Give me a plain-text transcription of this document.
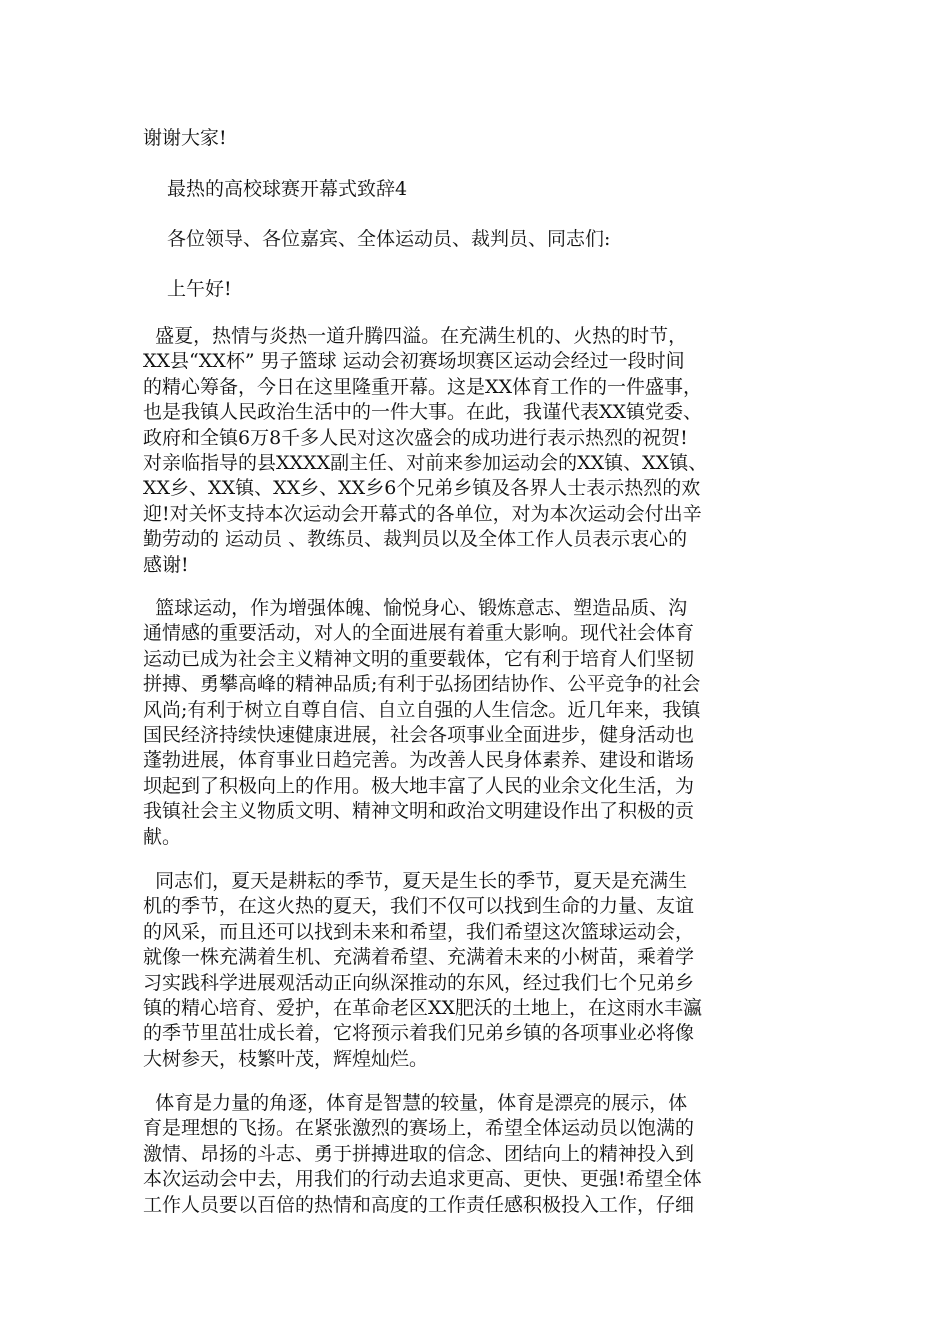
谢谢大家!
最热的高校球赛开幕式致辞4
各位领导、各位嘉宾、全体运动员、裁判员、同志们:
上午好!
盛夏，热情与炎热一道升腾四溢。在充满生机的、火热的时节，
XX县“XX杯” 男子篮球 运动会初赛场坝赛区运动会经过一段时间
的精心筹备，今日在这里隆重开幕。这是XX体育工作的一件盛事，
也是我镇人民政治生活中的一件大事。在此，我谨代表XX镇党委、
政府和全镇6万8千多人民对这次盛会的成功进行表示热烈的祝贺!
对亲临指导的县XXXX副主任、对前来参加运动会的XX镇、XX镇、
XX乡、XX镇、XX乡、XX乡6个兄弟乡镇及各界人士表示热烈的欢
迎!对关怀支持本次运动会开幕式的各单位，对为本次运动会付出辛
勤劳动的 运动员 、教练员、裁判员以及全体工作人员表示衷心的
感谢!
篮球运动，作为增强体魄、愉悦身心、锻炼意志、塑造品质、沟
通情感的重要活动，对人的全面进展有着重大影响。现代社会体育
运动已成为社会主义精神文明的重要载体，它有利于培育人们坚韧
拼搏、勇攀高峰的精神品质;有利于弘扬团结协作、公平竞争的社会
风尚;有利于树立自尊自信、自立自强的人生信念。近几年来，我镇
国民经济持续快速健康进展，社会各项事业全面进步，健身活动也
蓬勃进展，体育事业日趋完善。为改善人民身体素养、建设和谐场
坝起到了积极向上的作用。极大地丰富了人民的业余文化生活，为
我镇社会主义物质文明、精神文明和政治文明建设作出了积极的贡
献。
同志们，夏天是耕耘的季节，夏天是生长的季节，夏天是充满生
机的季节，在这火热的夏天，我们不仅可以找到生命的力量、友谊
的风采，而且还可以找到未来和希望，我们希望这次篮球运动会，
就像一株充满着生机、充满着希望、充满着未来的小树苗，乘着学
习实践科学进展观活动正向纵深推动的东风，经过我们七个兄弟乡
镇的精心培育、爱护，在革命老区XX肥沃的土地上，在这雨水丰瀛
的季节里茁壮成长着，它将预示着我们兄弟乡镇的各项事业必将像
大树参天，枝繁叶茂，辉煌灿烂。
体育是力量的角逐，体育是智慧的较量，体育是漂亮的展示，体
育是理想的飞扬。在紧张激烈的赛场上，希望全体运动员以饱满的
激情、昂扬的斗志、勇于拼搏进取的信念、团结向上的精神投入到
本次运动会中去，用我们的行动去追求更高、更快、更强!希望全体
工作人员要以百倍的热情和高度的工作责任感积极投入工作，仔细
